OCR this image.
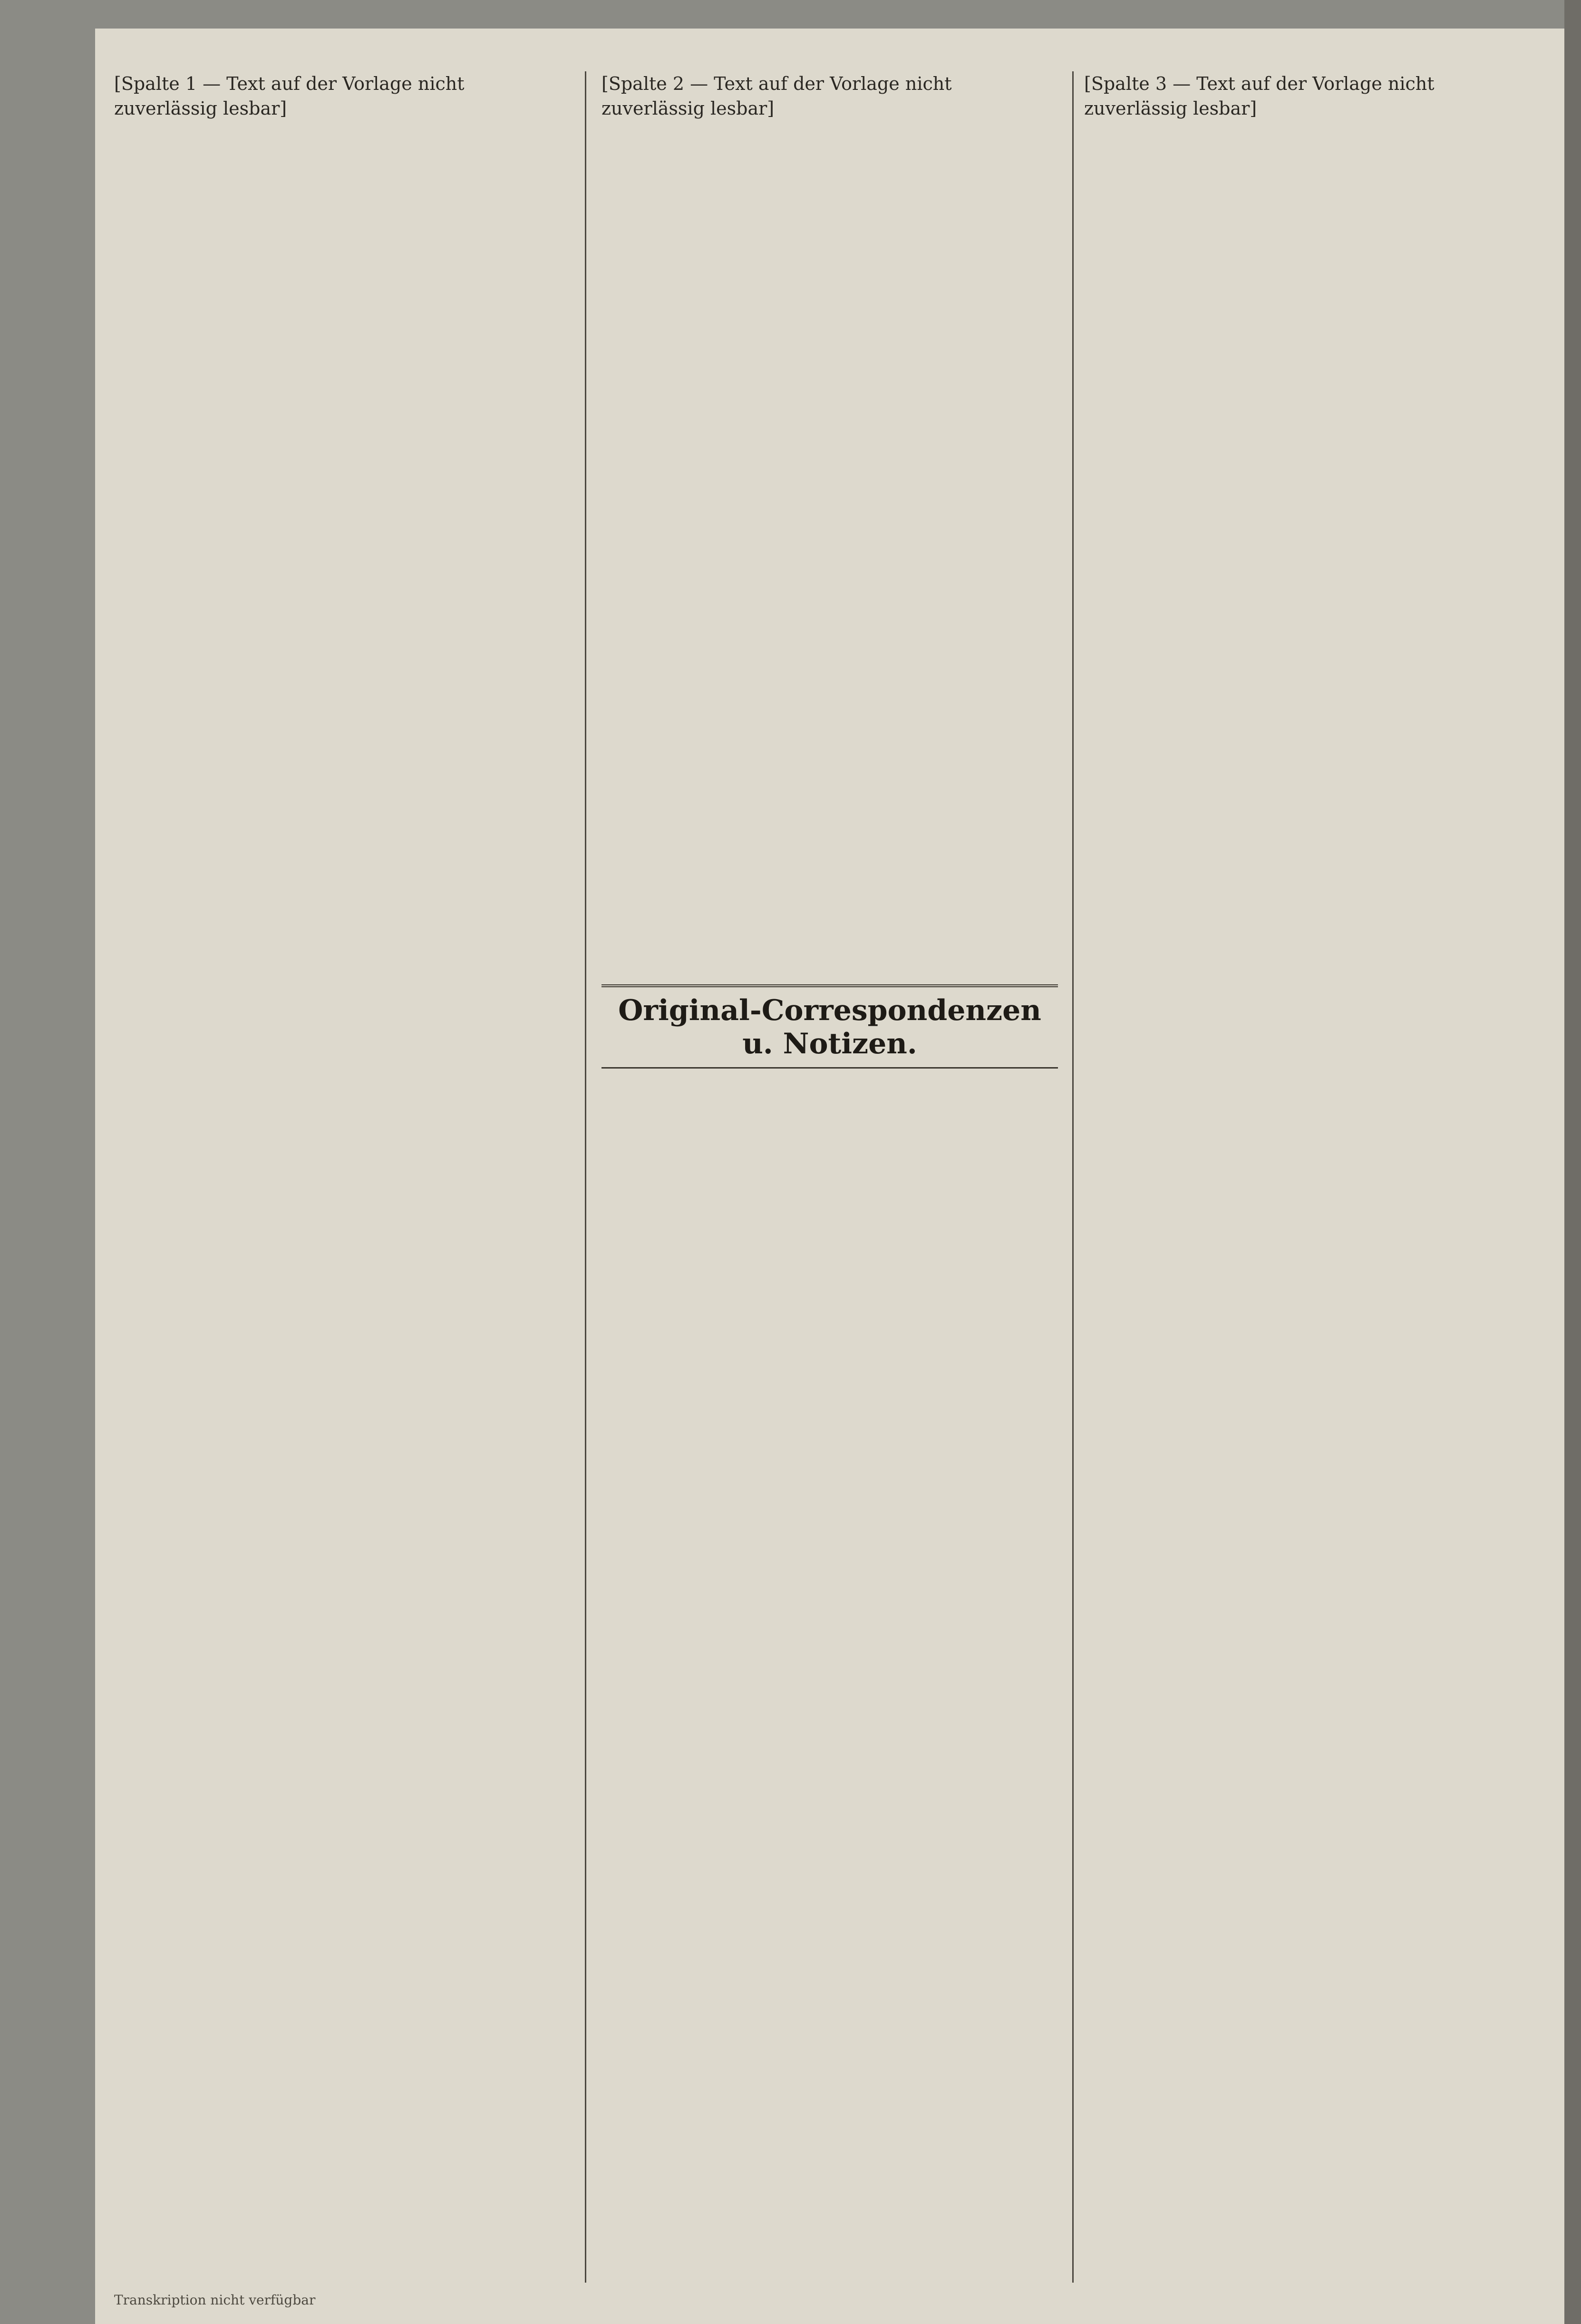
[Spalte 1 — Text auf der Vorlage nicht zuverlässig lesbar]
[Spalte 2 — Text auf der Vorlage nicht zuverlässig lesbar]
[Spalte 3 — Text auf der Vorlage nicht zuverlässig lesbar]
Original-Correspondenzen u. Notizen.
Transkription nicht verfügbar
